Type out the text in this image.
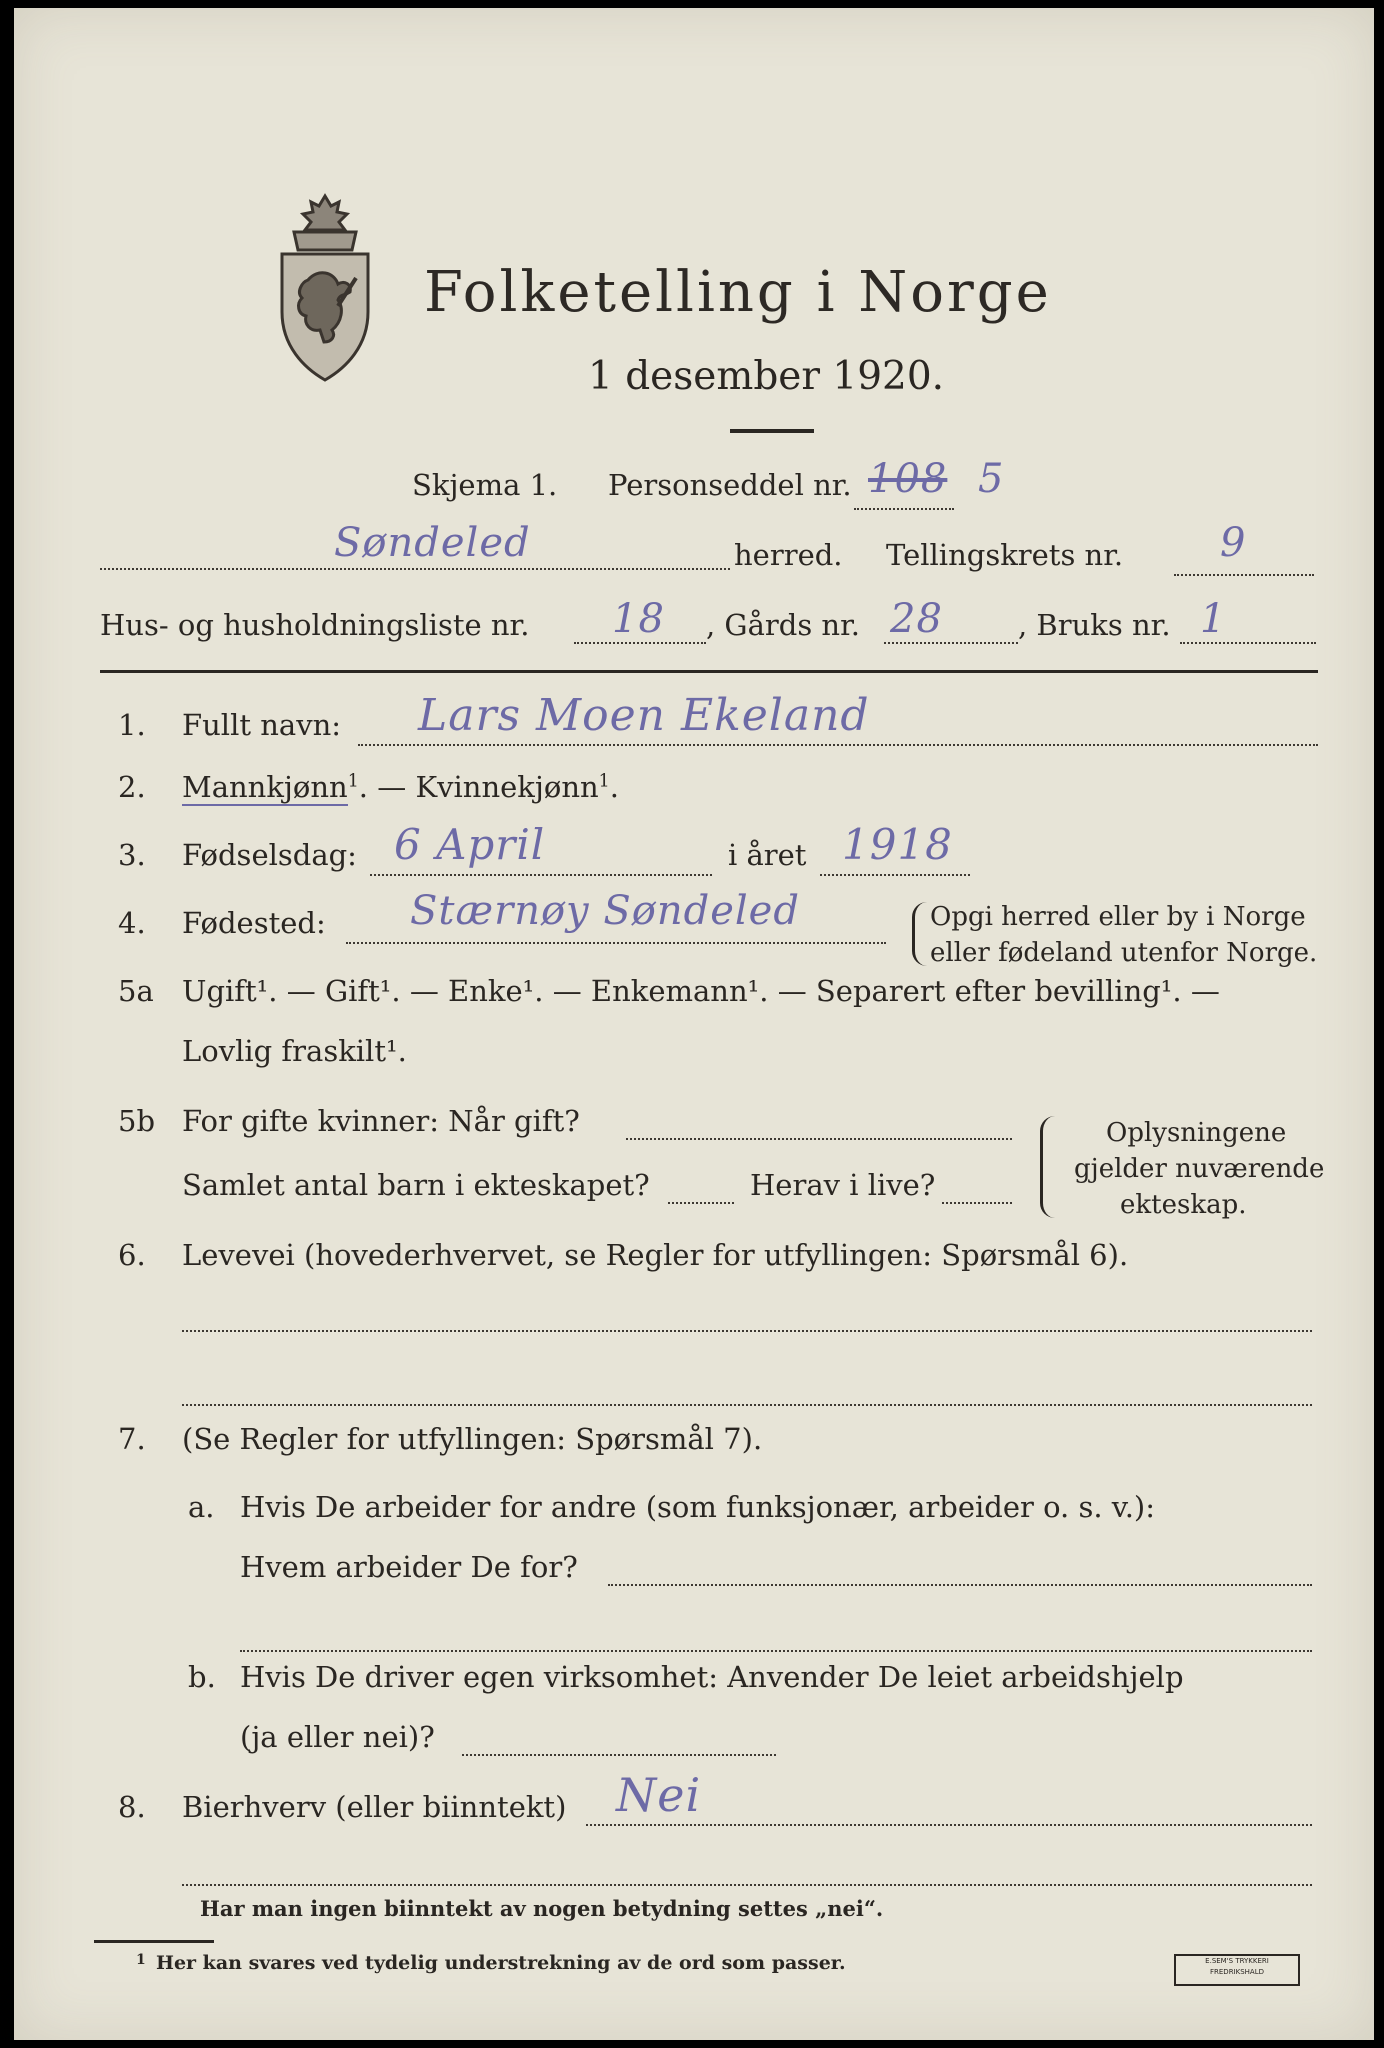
Folketelling i Norge
1 desember 1920.
Skjema 1. Personseddel nr. 108 5
Søndeled	herred. Tellingskrets nr. 9
Hus- og husholdningsliste nr. 18 , Gårds nr. 28	, Bruks nr. 1
1. Fullt navn: Lars Moen Ekeland
2. Mannkjønn$^1$. — Kvinnekjønn$^1$.
3. Fødselsdag: 6 April	i året 1918
4. Fødested: Stærnøy Søndeled	Opgi herred eller by i Norge
eller fødeland utenfor Norge.
5a Ugift¹. — Gift¹. — Enke¹. — Enkemann¹. — Separert efter bevilling¹. —
Lovlig fraskilt¹.
5b For gifte kvinner: Når gift?
Samlet antal barn i ekteskapet?	Herav i live?
Oplysningene
gjelder nuværende
ekteskap.
6. Levevei (hovederhvervet, se Regler for utfyllingen: Spørsmål 6).
7. (Se Regler for utfyllingen: Spørsmål 7).
a. Hvis De arbeider for andre (som funksjonær, arbeider o. s. v.):
Hvem arbeider De for?
b. Hvis De driver egen virksomhet: Anvender De leiet arbeidshjelp
(ja eller nei)?
8. Bierhverv (eller biinntekt) Nei
Har man ingen biinntekt av nogen betydning settes „nei“.
1 Her kan svares ved tydelig understrekning av de ord som passer.	E.SEM'S TRYKKERI
FREDRIKSHALD
